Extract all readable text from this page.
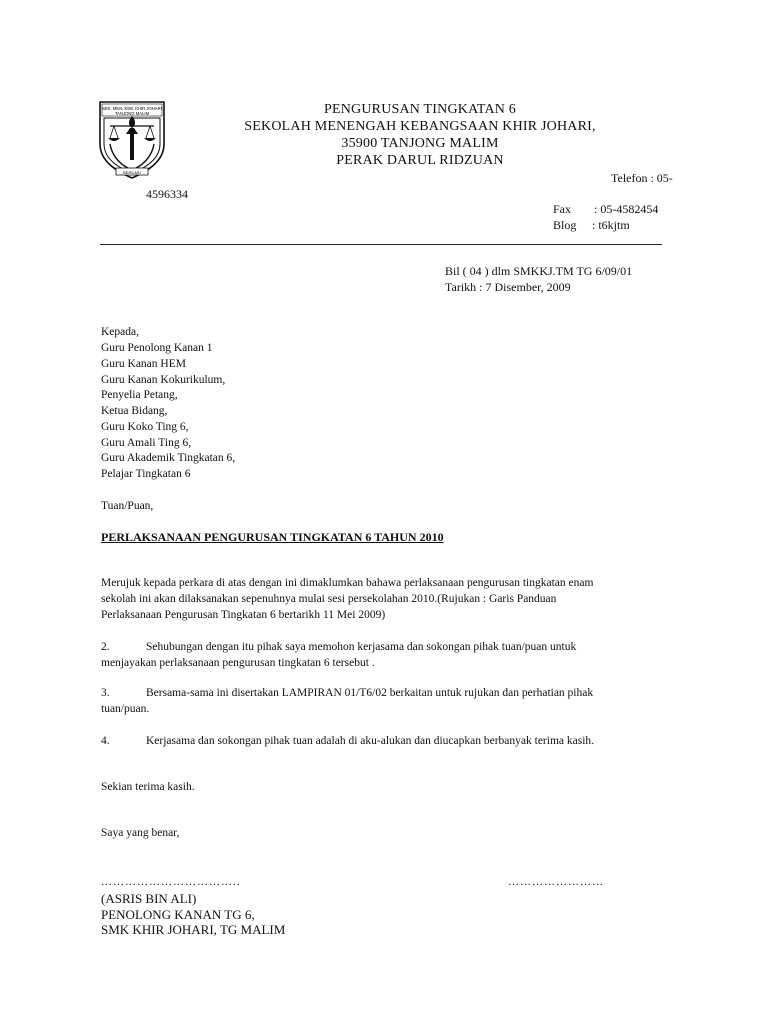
SEK. MEN. KEB. KHIR JOHARI
TANJONG MALIM
BERILMU
PENGURUSAN TINGKATAN 6
SEKOLAH MENENGAH KEBANGSAAN KHIR JOHARI,
35900 TANJONG MALIM
PERAK DARUL RIDZUAN
Telefon : 05-
4596334
Fax : 05-4582454
Blog : t6kjtm
Bil ( 04 ) dlm SMKKJ.TM TG 6/09/01
Tarikh : 7 Disember, 2009
Kepada,
Guru Penolong Kanan 1
Guru Kanan HEM
Guru Kanan Kokurikulum,
Penyelia Petang,
Ketua Bidang,
Guru Koko Ting 6,
Guru Amali Ting 6,
Guru Akademik Tingkatan 6,
Pelajar Tingkatan 6
Tuan/Puan,
PERLAKSANAAN PENGURUSAN TINGKATAN 6 TAHUN 2010
Merujuk kepada perkara di atas dengan ini dimaklumkan bahawa perlaksanaan pengurusan tingkatan enam
sekolah ini akan dilaksanakan sepenuhnya mulai sesi persekolahan 2010.(Rujukan : Garis Panduan
Perlaksanaan Pengurusan Tingkatan 6 bertarikh 11 Mei 2009)
2.	Sehubungan dengan itu pihak saya memohon kerjasama dan sokongan pihak tuan/puan untuk
menjayakan perlaksanaan pengurusan tingkatan 6 tersebut .
3.	Bersama-sama ini disertakan LAMPIRAN 01/T6/02 berkaitan untuk rujukan dan perhatian pihak
tuan/puan.
4.	Kerjasama dan sokongan pihak tuan adalah di aku-alukan dan diucapkan berbanyak terima kasih.
Sekian terima kasih.
Saya yang benar,
……………………………..	……………………
(ASRIS BIN ALI)
PENOLONG KANAN TG 6,
SMK KHIR JOHARI, TG MALIM
